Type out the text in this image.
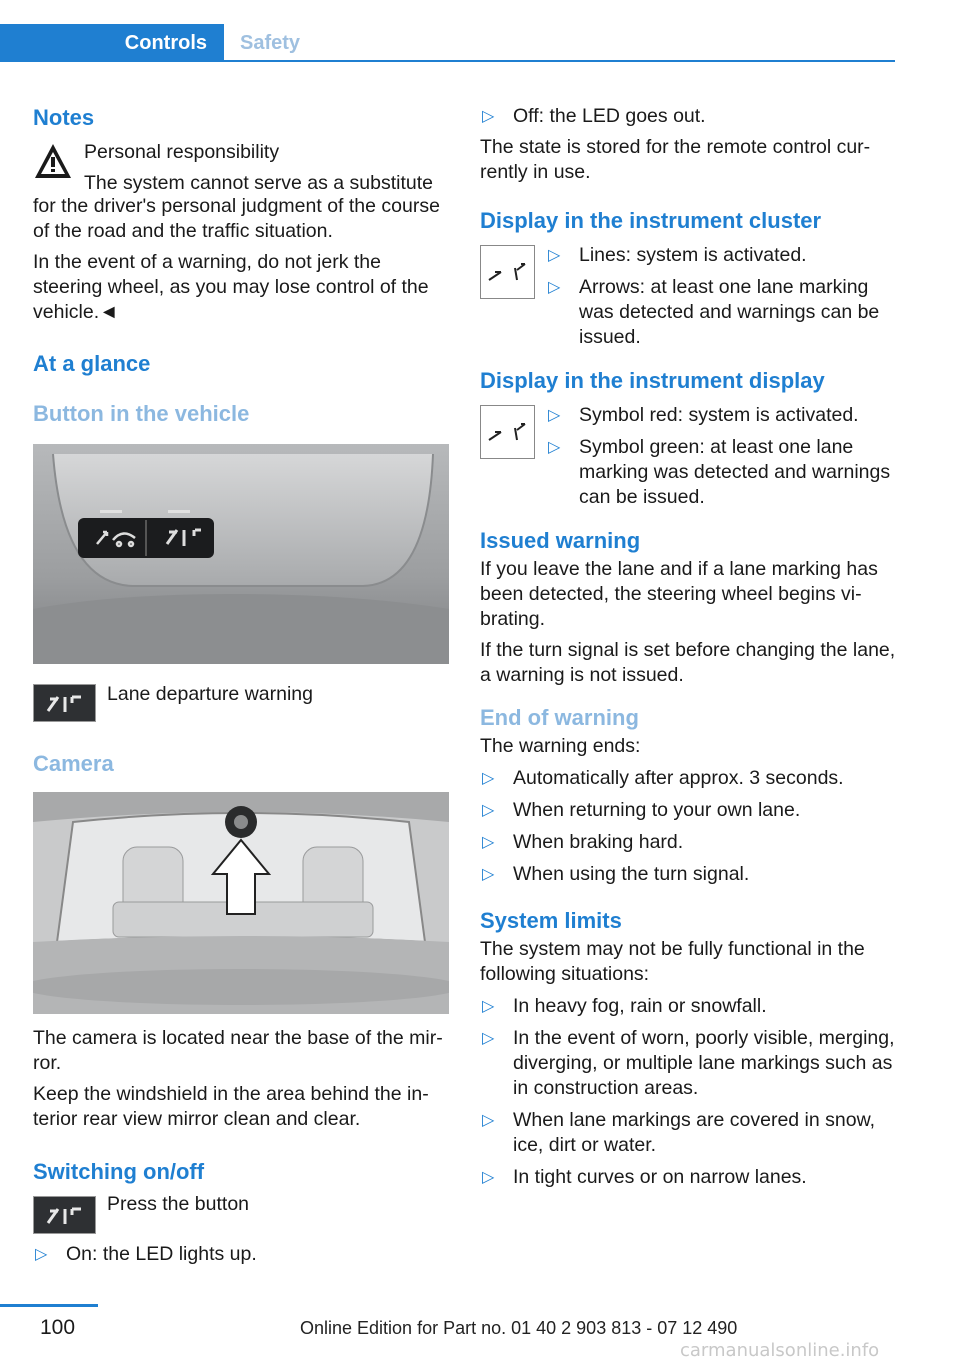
Controls	Safety
Notes
Personal responsibility
The system cannot serve as a substitute
for the driver's personal judgment of the course of the road and the traffic situation.
In the event of a warning, do not jerk the steering wheel, as you may lose control of the vehicle.◄
At a glance
Button in the vehicle
Lane departure warning
Camera
The camera is located near the base of the mir‐ror.
Keep the windshield in the area behind the in‐terior rear view mirror clean and clear.
Switching on/off
Press the button
▷ On: the LED lights up.
▷ Off: the LED goes out.
The state is stored for the remote control cur‐rently in use.
Display in the instrument cluster
▷ Lines: system is activated.
▷ Arrows: at least one lane marking was detected and warnings can be issued.
Display in the instrument display
▷ Symbol red: system is activated.
▷ Symbol green: at least one lane marking was detected and warnings can be issued.
Issued warning
If you leave the lane and if a lane marking has been detected, the steering wheel begins vi‐brating.
If the turn signal is set before changing the lane, a warning is not issued.
End of warning
The warning ends:
▷ Automatically after approx. 3 seconds.
▷ When returning to your own lane.
▷ When braking hard.
▷ When using the turn signal.
System limits
The system may not be fully functional in the following situations:
▷ In heavy fog, rain or snowfall.
▷ In the event of worn, poorly visible, merging, diverging, or multiple lane markings such as in construction areas.
▷ When lane markings are covered in snow, ice, dirt or water.
▷ In tight curves or on narrow lanes.
100	Online Edition for Part no. 01 40 2 903 813 - 07 12 490
carmanualsonline.info
